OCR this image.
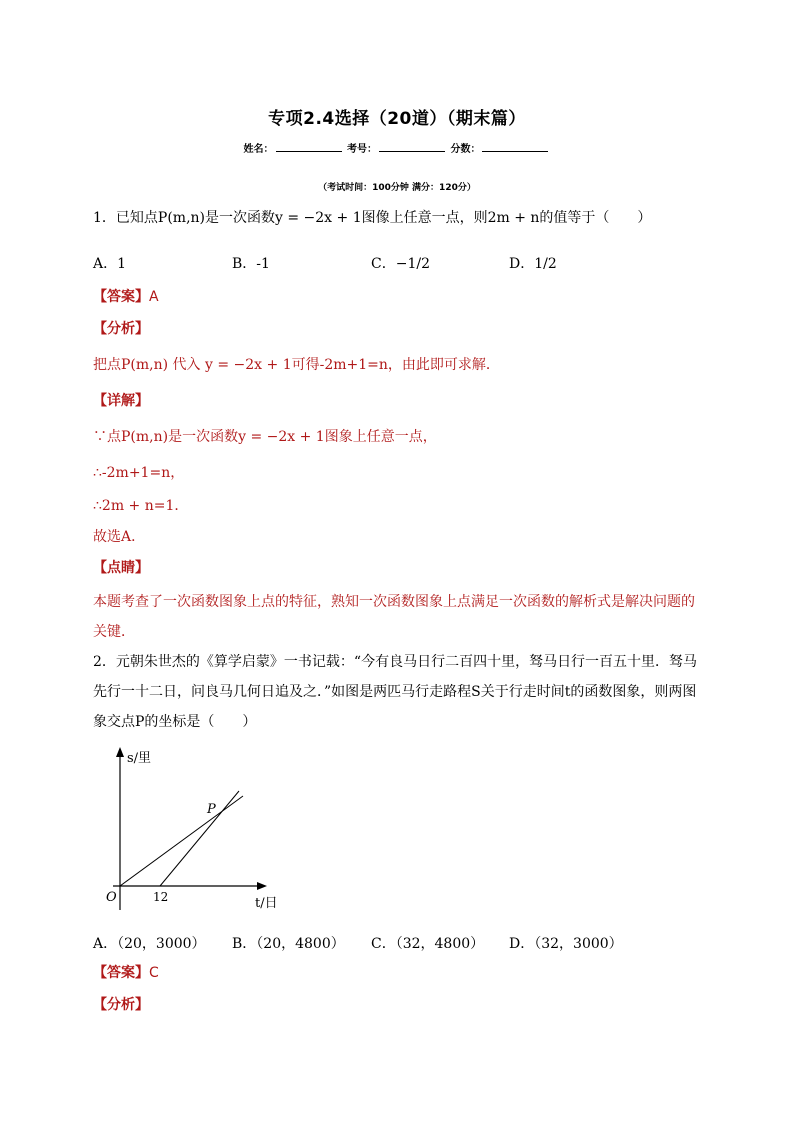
专项2.4选择（20道）（期末篇）
姓名：	考号：	分数：
（考试时间：100分钟 满分：120分）
1．已知点P(m,n)是一次函数y = −2x + 1图像上任意一点，则2m + n的值等于（　　）
A．1	B．-1	C．−1/2	D．1/2
【答案】A
【分析】
把点P(m,n) 代入 y = −2x + 1可得-2m+1=n，由此即可求解．
【详解】
∵点P(m,n)是一次函数y = −2x + 1图象上任意一点，
∴-2m+1=n，
∴2m + n=1．
故选A．
【点睛】
本题考查了一次函数图象上点的特征，熟知一次函数图象上点满足一次函数的解析式是解决问题的关键．
2．元朝朱世杰的《算学启蒙》一书记载：“今有良马日行二百四十里，驽马日行一百五十里．驽马先行一十二日，问良马几何日追及之．”如图是两匹马行走路程S关于行走时间t的函数图象，则两图象交点P的坐标是（　　）
s/里
t/日
O	12
P
A．（20，3000） B．（20，4800） C．（32，4800） D．（32，3000）
【答案】C
【分析】
